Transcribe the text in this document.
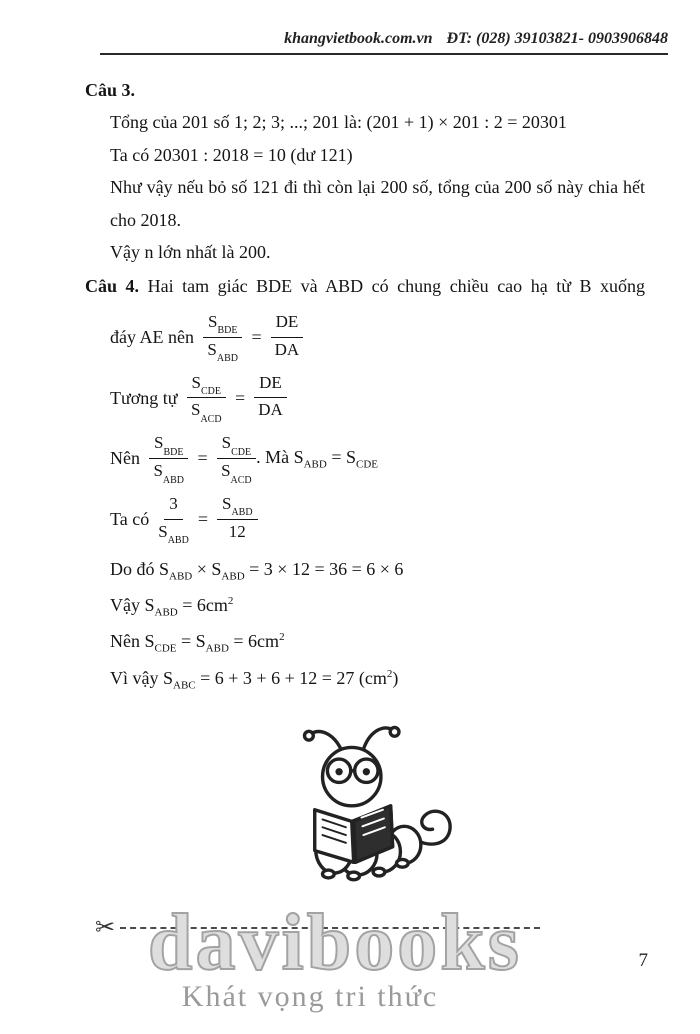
khangvietbook.com.vn ĐT: (028) 39103821- 0903906848

Câu 3.

Tổng của 201 số 1; 2; 3; ...; 201 là: (201 + 1) × 201 : 2 = 20301

Ta có 20301 : 2018 = 10 (dư 121)

Như vậy nếu bỏ số 121 đi thì còn lại 200 số, tổng của 200 số này chia hết cho 2018.

Vậy n lớn nhất là 200.

Câu 4. Hai tam giác BDE và ABD có chung chiều cao hạ từ B xuống

đáy AE nên $\frac{S_{BDE}}{S_{ABD}} = \frac{DE}{DA}$
Tương tự $\frac{S_{CDE}}{S_{ACD}} = \frac{DE}{DA}$
Nên $\frac{S_{BDE}}{S_{ABD}} = \frac{S_{CDE}}{S_{ACD}}$ . Mà $S_{ABD} = S_{CDE}$
Ta có $\frac{3}{S_{ABD}} = \frac{S_{ABD}}{12}$

Do đó $S_{ABD} \times S_{ABD} = 3 \times 12 = 36 = 6 \times 6$

Vậy $S_{ABD} = 6cm^2$

Nên $S_{CDE} = S_{ABD} = 6cm^2$

Vì vậy $S_{ABC} = 6 + 3 + 6 + 12 = 27$ $(cm^2)$

✂ davibooks
Khát vọng tri thức
7
